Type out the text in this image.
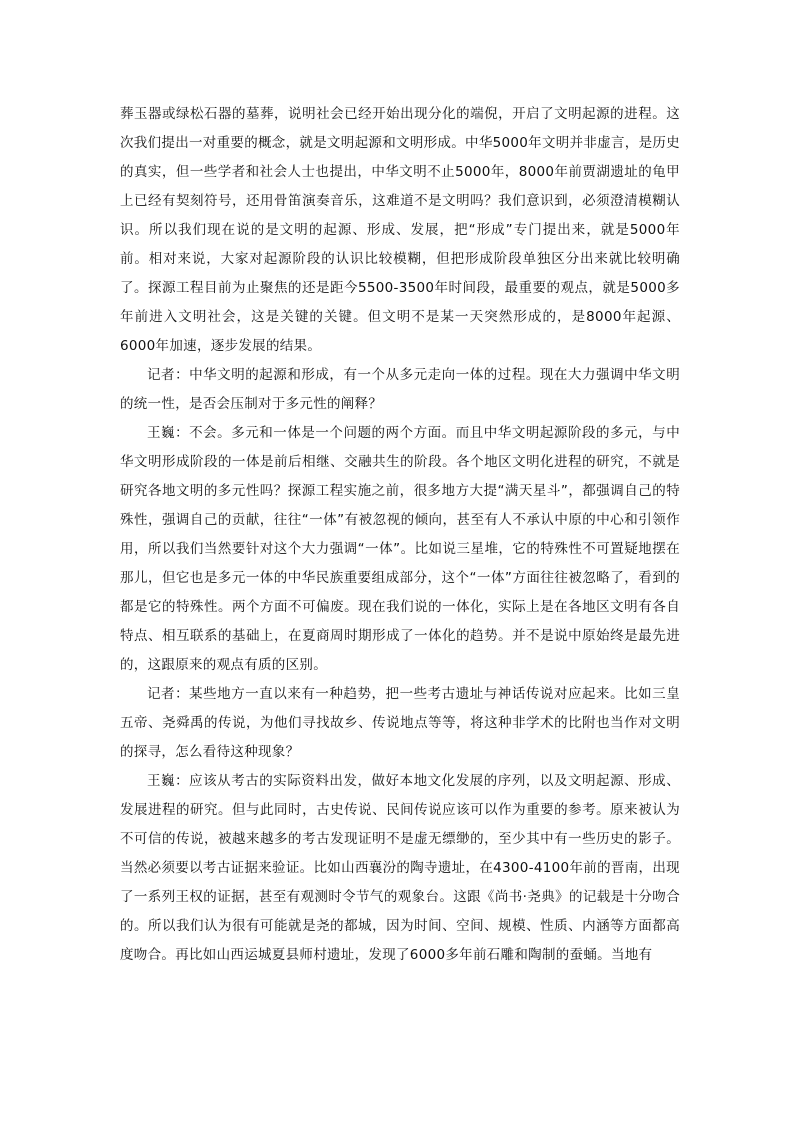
葬玉器或绿松石器的墓葬，说明社会已经开始出现分化的端倪，开启了文明起源的进程。这次我们提出一对重要的概念，就是文明起源和文明形成。中华5000年文明并非虚言，是历史的真实，但一些学者和社会人士也提出，中华文明不止5000年，8000年前贾湖遗址的龟甲上已经有契刻符号，还用骨笛演奏音乐，这难道不是文明吗？我们意识到，必须澄清模糊认识。所以我们现在说的是文明的起源、形成、发展，把“形成”专门提出来，就是5000年前。相对来说，大家对起源阶段的认识比较模糊，但把形成阶段单独区分出来就比较明确了。探源工程目前为止聚焦的还是距今5500-3500年时间段，最重要的观点，就是5000多年前进入文明社会，这是关键的关键。但文明不是某一天突然形成的，是8000年起源、6000年加速，逐步发展的结果。

记者：中华文明的起源和形成，有一个从多元走向一体的过程。现在大力强调中华文明的统一性，是否会压制对于多元性的阐释？

王巍：不会。多元和一体是一个问题的两个方面。而且中华文明起源阶段的多元，与中华文明形成阶段的一体是前后相继、交融共生的阶段。各个地区文明化进程的研究，不就是研究各地文明的多元性吗？探源工程实施之前，很多地方大提“满天星斗”，都强调自己的特殊性，强调自己的贡献，往往“一体”有被忽视的倾向，甚至有人不承认中原的中心和引领作用，所以我们当然要针对这个大力强调“一体”。比如说三星堆，它的特殊性不可置疑地摆在那儿，但它也是多元一体的中华民族重要组成部分，这个“一体”方面往往被忽略了，看到的都是它的特殊性。两个方面不可偏废。现在我们说的一体化，实际上是在各地区文明有各自特点、相互联系的基础上，在夏商周时期形成了一体化的趋势。并不是说中原始终是最先进的，这跟原来的观点有质的区别。

记者：某些地方一直以来有一种趋势，把一些考古遗址与神话传说对应起来。比如三皇五帝、尧舜禹的传说，为他们寻找故乡、传说地点等等，将这种非学术的比附也当作对文明的探寻，怎么看待这种现象？

王巍：应该从考古的实际资料出发，做好本地文化发展的序列，以及文明起源、形成、发展进程的研究。但与此同时，古史传说、民间传说应该可以作为重要的参考。原来被认为不可信的传说，被越来越多的考古发现证明不是虚无缥缈的，至少其中有一些历史的影子。当然必须要以考古证据来验证。比如山西襄汾的陶寺遗址，在4300-4100年前的晋南，出现了一系列王权的证据，甚至有观测时令节气的观象台。这跟《尚书·尧典》的记载是十分吻合的。所以我们认为很有可能就是尧的都城，因为时间、空间、规模、性质、内涵等方面都高度吻合。再比如山西运城夏县师村遗址，发现了6000多年前石雕和陶制的蚕蛹。当地有
